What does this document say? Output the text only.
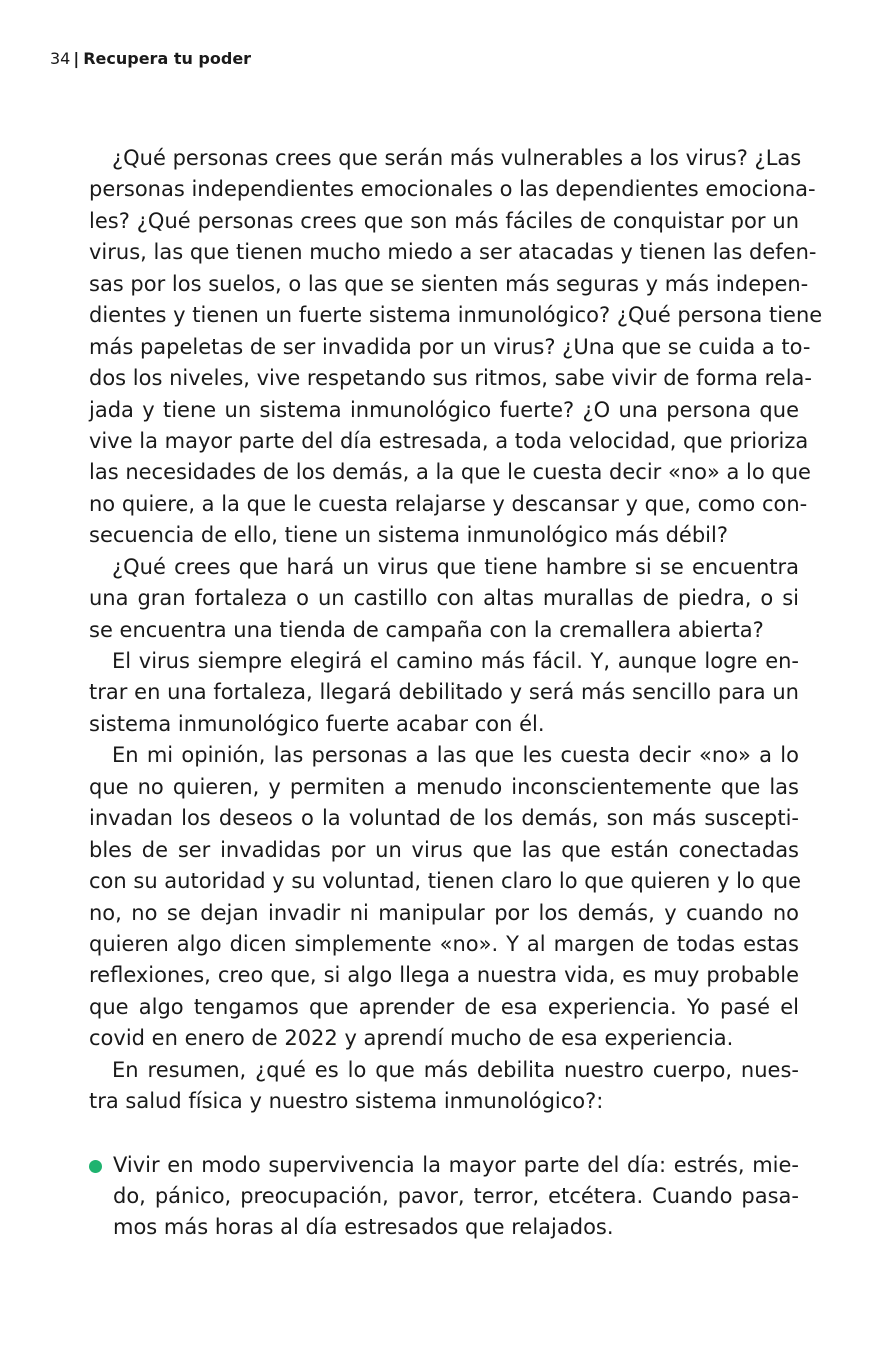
34 | Recupera tu poder
¿Qué personas crees que serán más vulnerables a los virus? ¿Las
personas independientes emocionales o las dependientes emociona-
les? ¿Qué personas crees que son más fáciles de conquistar por un
virus, las que tienen mucho miedo a ser atacadas y tienen las defen-
sas por los suelos, o las que se sienten más seguras y más indepen-
dientes y tienen un fuerte sistema inmunológico? ¿Qué persona tiene
más papeletas de ser invadida por un virus? ¿Una que se cuida a to-
dos los niveles, vive respetando sus ritmos, sabe vivir de forma rela-
jada y tiene un sistema inmunológico fuerte? ¿O una persona que
vive la mayor parte del día estresada, a toda velocidad, que prioriza
las necesidades de los demás, a la que le cuesta decir «no» a lo que
no quiere, a la que le cuesta relajarse y descansar y que, como con-
secuencia de ello, tiene un sistema inmunológico más débil?
¿Qué crees que hará un virus que tiene hambre si se encuentra
una gran fortaleza o un castillo con altas murallas de piedra, o si
se encuentra una tienda de campaña con la cremallera abierta?
El virus siempre elegirá el camino más fácil. Y, aunque logre en-
trar en una fortaleza, llegará debilitado y será más sencillo para un
sistema inmunológico fuerte acabar con él.
En mi opinión, las personas a las que les cuesta decir «no» a lo
que no quieren, y permiten a menudo inconscientemente que las
invadan los deseos o la voluntad de los demás, son más suscepti-
bles de ser invadidas por un virus que las que están conectadas
con su autoridad y su voluntad, tienen claro lo que quieren y lo que
no, no se dejan invadir ni manipular por los demás, y cuando no
quieren algo dicen simplemente «no». Y al margen de todas estas
reflexiones, creo que, si algo llega a nuestra vida, es muy probable
que algo tengamos que aprender de esa experiencia. Yo pasé el
covid en enero de 2022 y aprendí mucho de esa experiencia.
En resumen, ¿qué es lo que más debilita nuestro cuerpo, nues-
tra salud física y nuestro sistema inmunológico?:
Vivir en modo supervivencia la mayor parte del día: estrés, mie-
do, pánico, preocupación, pavor, terror, etcétera. Cuando pasa-
mos más horas al día estresados que relajados.
